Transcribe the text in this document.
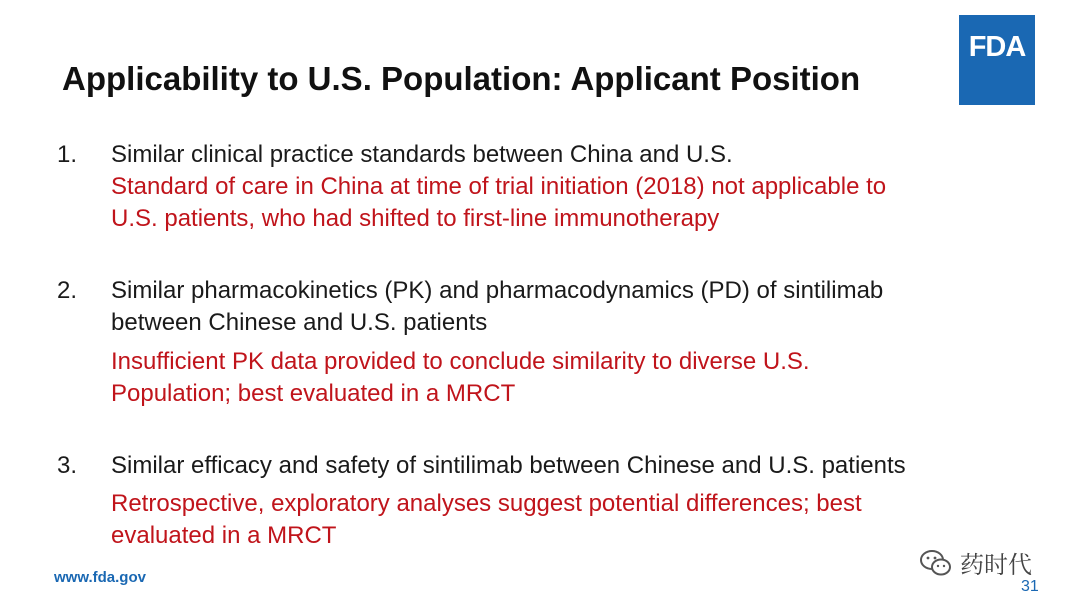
Applicability to U.S. Population: Applicant Position
FDA
1. Similar clinical practice standards between China and U.S.
Standard of care in China at time of trial initiation (2018) not applicable to
U.S. patients, who had shifted to first-line immunotherapy
2. Similar pharmacokinetics (PK) and pharmacodynamics (PD) of sintilimab
between Chinese and U.S. patients
Insufficient PK data provided to conclude similarity to diverse U.S.
Population; best evaluated in a MRCT
3. Similar efficacy and safety of sintilimab between Chinese and U.S. patients
Retrospective, exploratory analyses suggest potential differences; best
evaluated in a MRCT
www.fda.gov	药时代
31
